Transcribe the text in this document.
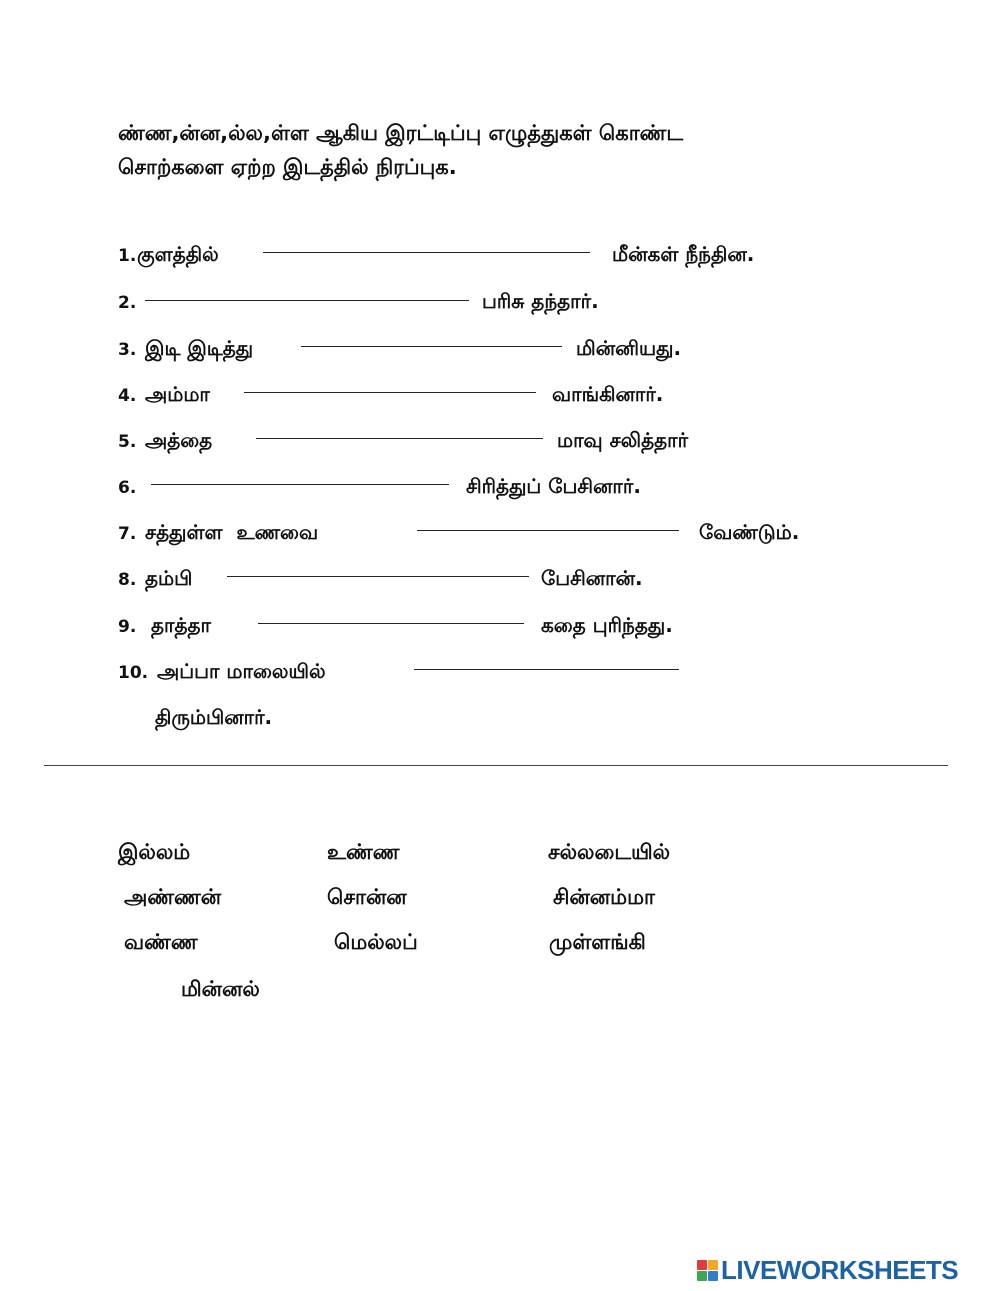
ண்ண,ன்ன,ல்ல,ள்ள ஆகிய இரட்டிப்பு எழுத்துகள் கொண்ட
சொற்களை ஏற்ற இடத்தில் நிரப்புக.
1. குளத்தில்	மீன்கள் நீந்தின.
2.	பரிசு தந்தார்.
3. இடி இடித்து	மின்னியது.
4. அம்மா	வாங்கினார்.
5. அத்தை	மாவு சலித்தார்
6.	சிரித்துப் பேசினார்.
7. சத்துள்ள  உணவை	வேண்டும்.
8. தம்பி	பேசினான்.
9. தாத்தா	கதை புரிந்தது.
10. அப்பா மாலையில்
திரும்பினார்.
இல்லம்	உண்ண	சல்லடையில்
அண்ணன்	சொன்ன	சின்னம்மா
வண்ண	மெல்லப்	முள்ளங்கி
மின்னல்
LIVEWORKSHEETS
